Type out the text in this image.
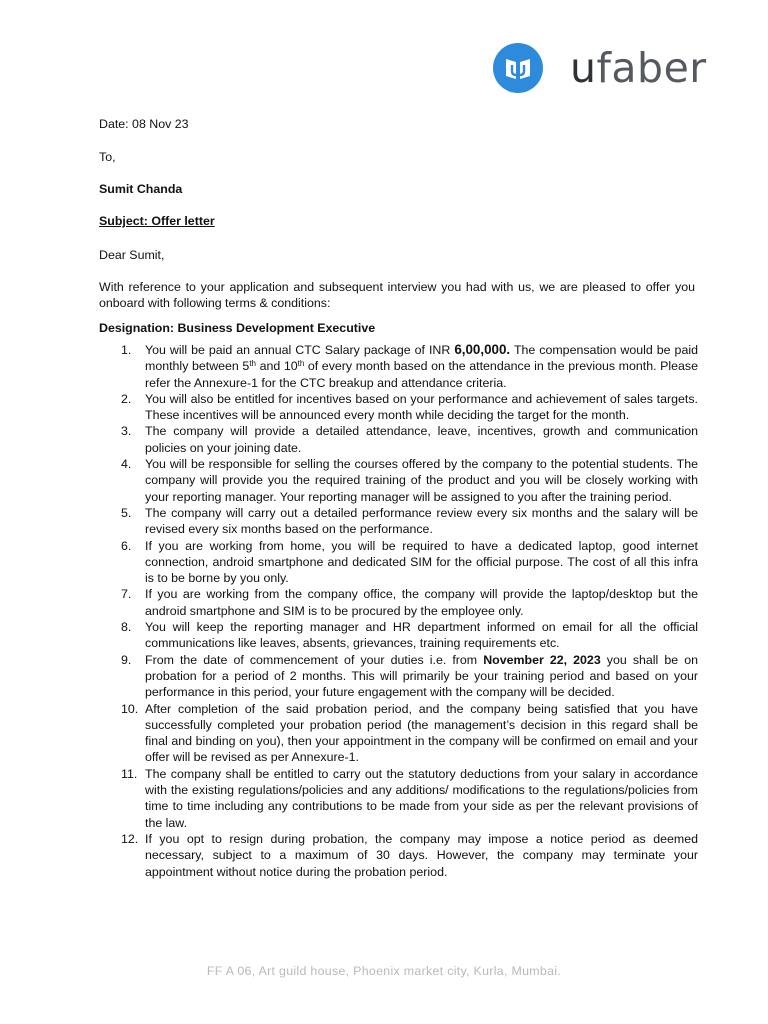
ufaber
Date: 08 Nov 23
To,
Sumit Chanda
Subject: Offer letter
Dear Sumit,
With reference to your application and subsequent interview you had with us, we are pleased to offer you onboard with following terms & conditions:
Designation: Business Development Executive
1. You will be paid an annual CTC Salary package of INR 6,00,000. The compensation would be paid monthly between 5th and 10th of every month based on the attendance in the previous month. Please refer the Annexure-1 for the CTC breakup and attendance criteria.
2. You will also be entitled for incentives based on your performance and achievement of sales targets. These incentives will be announced every month while deciding the target for the month.
3. The company will provide a detailed attendance, leave, incentives, growth and communication policies on your joining date.
4. You will be responsible for selling the courses offered by the company to the potential students. The company will provide you the required training of the product and you will be closely working with your reporting manager. Your reporting manager will be assigned to you after the training period.
5. The company will carry out a detailed performance review every six months and the salary will be revised every six months based on the performance.
6. If you are working from home, you will be required to have a dedicated laptop, good internet connection, android smartphone and dedicated SIM for the official purpose. The cost of all this infra is to be borne by you only.
7. If you are working from the company office, the company will provide the laptop/desktop but the android smartphone and SIM is to be procured by the employee only.
8. You will keep the reporting manager and HR department informed on email for all the official communications like leaves, absents, grievances, training requirements etc.
9. From the date of commencement of your duties i.e. from November 22, 2023 you shall be on probation for a period of 2 months. This will primarily be your training period and based on your performance in this period, your future engagement with the company will be decided.
10. After completion of the said probation period, and the company being satisfied that you have successfully completed your probation period (the management’s decision in this regard shall be final and binding on you), then your appointment in the company will be confirmed on email and your offer will be revised as per Annexure-1.
11. The company shall be entitled to carry out the statutory deductions from your salary in accordance with the existing regulations/policies and any additions/ modifications to the regulations/policies from time to time including any contributions to be made from your side as per the relevant provisions of the law.
12. If you opt to resign during probation, the company may impose a notice period as deemed necessary, subject to a maximum of 30 days. However, the company may terminate your appointment without notice during the probation period.
FF A 06, Art guild house, Phoenix market city, Kurla, Mumbai.
